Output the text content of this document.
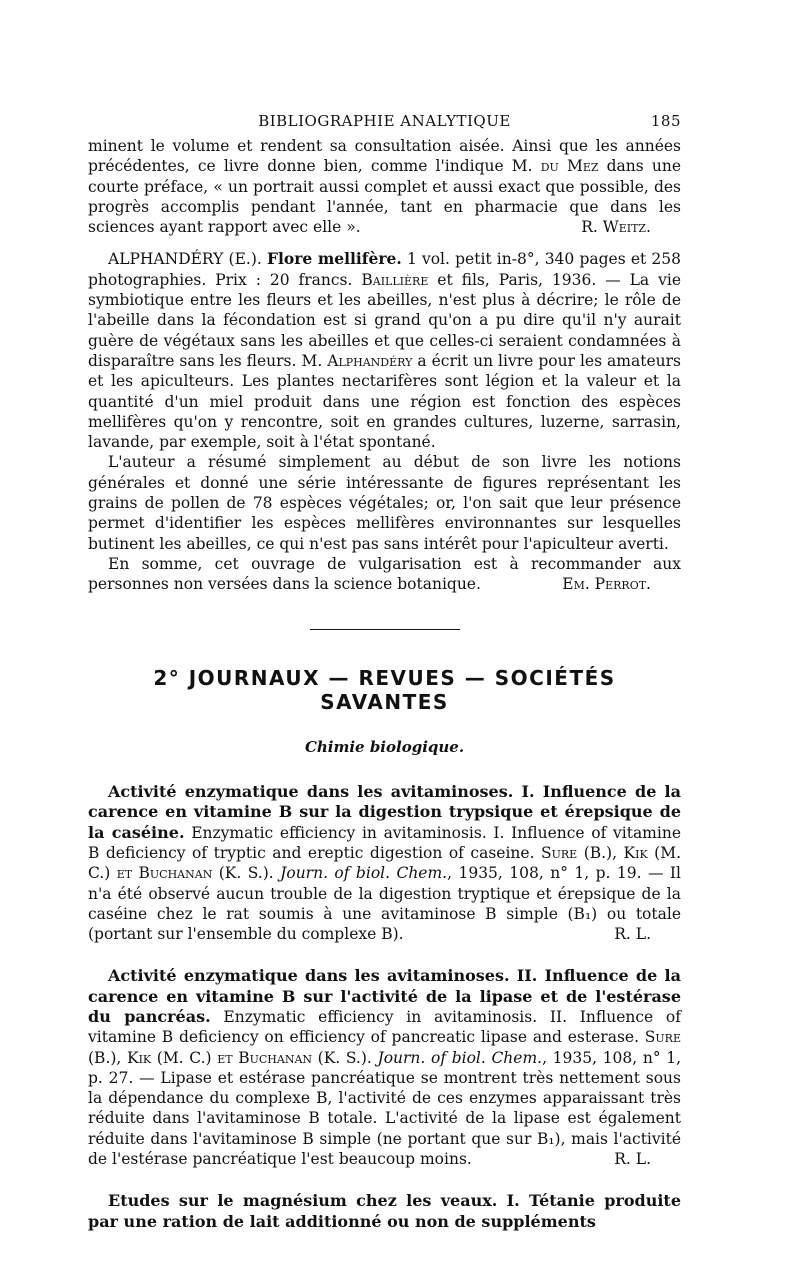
BIBLIOGRAPHIE ANALYTIQUE	185

minent le volume et rendent sa consultation aisée. Ainsi que les années précédentes, ce livre donne bien, comme l'indique M. du Mez dans une courte préface, « un portrait aussi complet et aussi exact que possible, des progrès accomplis pendant l'année, tant en pharmacie que dans les sciences ayant rapport avec elle ».	R. Weitz.

ALPHANDÉRY (E.). Flore mellifère. 1 vol. petit in-8°, 340 pages et 258 photographies. Prix : 20 francs. Baillière et fils, Paris, 1936. — La vie symbiotique entre les fleurs et les abeilles, n'est plus à décrire; le rôle de l'abeille dans la fécondation est si grand qu'on a pu dire qu'il n'y aurait guère de végétaux sans les abeilles et que celles-ci seraient condamnées à disparaître sans les fleurs. M. Alphandéry a écrit un livre pour les amateurs et les apiculteurs. Les plantes nectarifères sont légion et la valeur et la quantité d'un miel produit dans une région est fonction des espèces mellifères qu'on y rencontre, soit en grandes cultures, luzerne, sarrasin, lavande, par exemple, soit à l'état spontané.

L'auteur a résumé simplement au début de son livre les notions générales et donné une série intéressante de figures représentant les grains de pollen de 78 espèces végétales; or, l'on sait que leur présence permet d'identifier les espèces mellifères environnantes sur lesquelles butinent les abeilles, ce qui n'est pas sans intérêt pour l'apiculteur averti.

En somme, cet ouvrage de vulgarisation est à recommander aux personnes non versées dans la science botanique.	Em. Perrot.

2° JOURNAUX — REVUES — SOCIÉTÉS SAVANTES
Chimie biologique.

Activité enzymatique dans les avitaminoses. I. Influence de la carence en vitamine B sur la digestion trypsique et érepsique de la caséine. Enzymatic efficiency in avitaminosis. I. Influence of vitamine B deficiency of tryptic and ereptic digestion of caseine. Sure (B.), Kik (M. C.) et Buchanan (K. S.). Journ. of biol. Chem., 1935, 108, n° 1, p. 19. — Il n'a été observé aucun trouble de la digestion tryptique et érepsique de la caséine chez le rat soumis à une avitaminose B simple (B₁) ou totale (portant sur l'ensemble du complexe B).	R. L.

Activité enzymatique dans les avitaminoses. II. Influence de la carence en vitamine B sur l'activité de la lipase et de l'estérase du pancréas. Enzymatic efficiency in avitaminosis. II. Influence of vitamine B deficiency on efficiency of pancreatic lipase and esterase. Sure (B.), Kik (M. C.) et Buchanan (K. S.). Journ. of biol. Chem., 1935, 108, n° 1, p. 27. — Lipase et estérase pancréatique se montrent très nettement sous la dépendance du complexe B, l'activité de ces enzymes apparaissant très réduite dans l'avitaminose B totale. L'activité de la lipase est également réduite dans l'avitaminose B simple (ne portant que sur B₁), mais l'activité de l'estérase pancréatique l'est beaucoup moins.	R. L.

Etudes sur le magnésium chez les veaux. I. Tétanie produite par une ration de lait additionné ou non de suppléments
